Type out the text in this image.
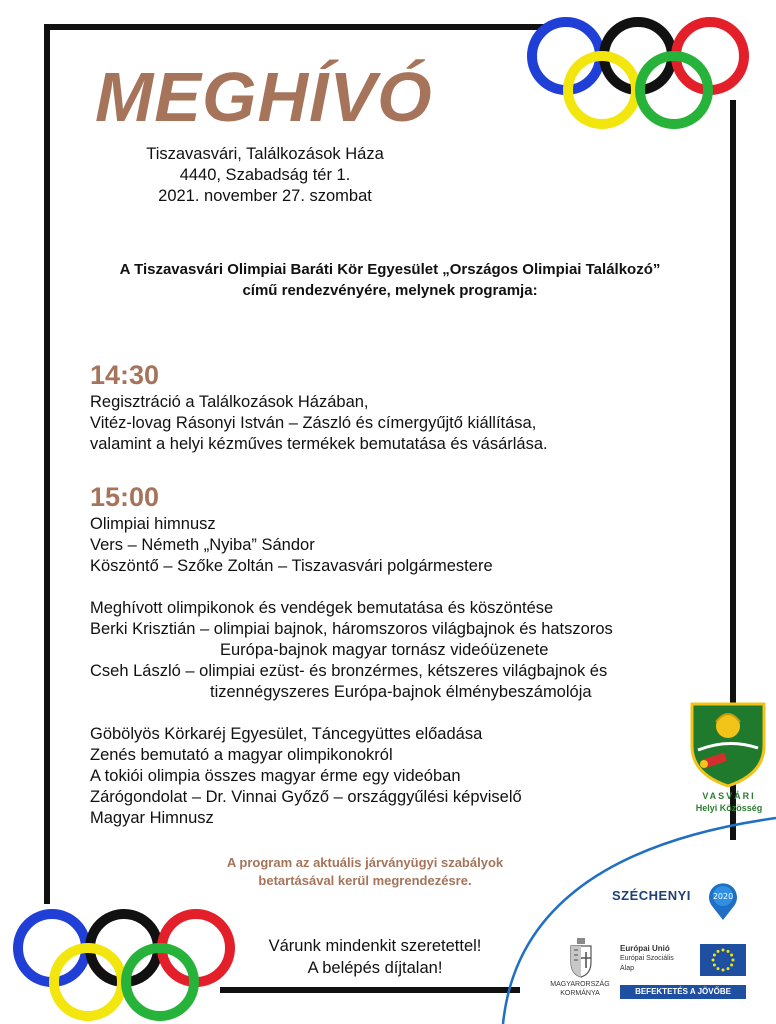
MEGHÍVÓ
Tiszavasvári, Találkozások Háza
4440, Szabadság tér 1.
2021. november 27. szombat
A Tiszavasvári Olimpiai Baráti Kör Egyesület „Országos Olimpiai Találkozó”
című rendezvényére, melynek programja:
14:30
Regisztráció a Találkozások Házában,
Vitéz-lovag Rásonyi István – Zászló és címergyűjtő kiállítása,
valamint a helyi kézműves termékek bemutatása és vásárlása.
15:00
Olimpiai himnusz
Vers – Németh „Nyiba” Sándor
Köszöntő – Szőke Zoltán – Tiszavasvári polgármestere
Meghívott olimpikonok és vendégek bemutatása és köszöntése
Berki Krisztián – olimpiai bajnok, háromszoros világbajnok és hatszoros
Európa-bajnok magyar tornász videóüzenete
Cseh László – olimpiai ezüst- és bronzérmes, kétszeres világbajnok és
tizennégyszeres Európa-bajnok élménybeszámolója
Göbölyös Körkaréj Egyesület, Táncegyüttes előadása
Zenés bemutató a magyar olimpikonokról
A tokiói olimpia összes magyar érme egy videóban
Zárógondolat – Dr. Vinnai Győző – országgyűlési képviselő
Magyar Himnusz
A program az aktuális járványügyi szabályok
betartásával kerül megrendezésre.
Várunk mindenkit szeretettel!
A belépés díjtalan!
VASVÁRI
Helyi Közösség
SZÉCHENYI	2020
MAGYARORSZÁG
KORMÁNYA
Európai Unió
Európai Szociális
Alap
BEFEKTETÉS A JÖVŐBE
